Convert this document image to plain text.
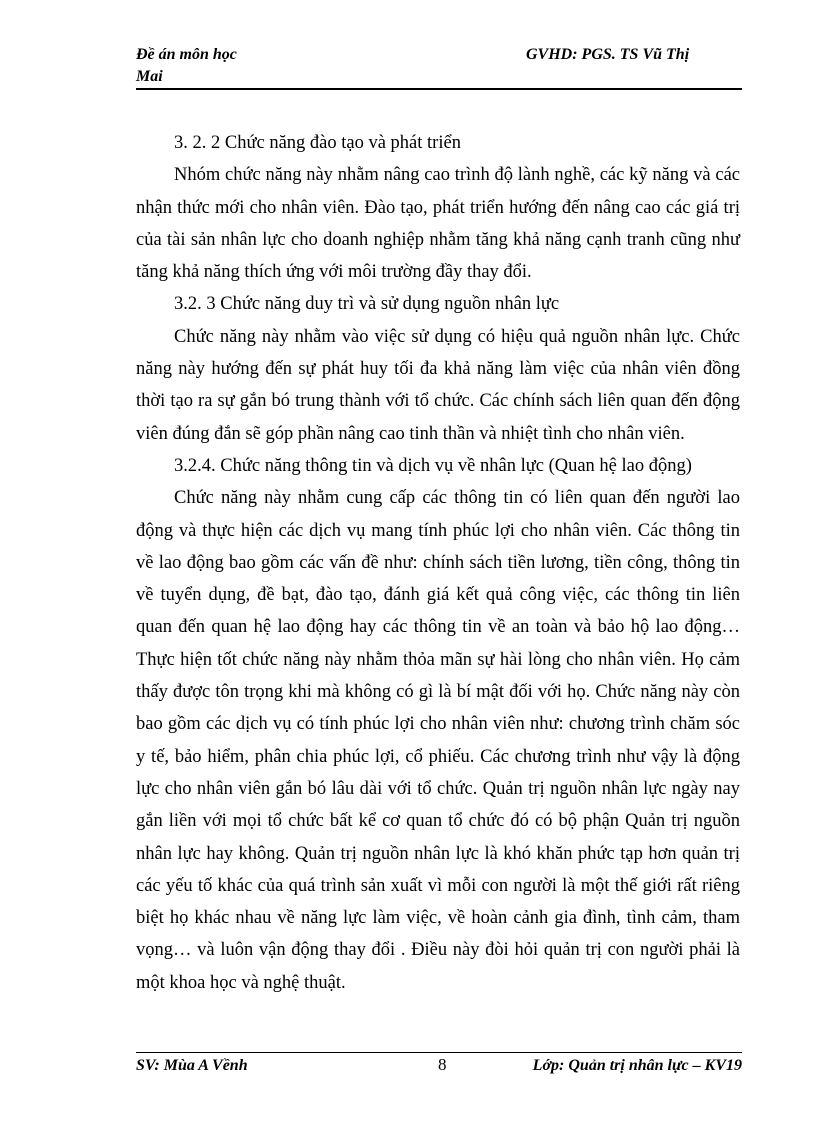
Đề án môn học
Mai
GVHD: PGS. TS Vũ Thị

3. 2. 2 Chức năng đào tạo và phát triển

Nhóm chức năng này nhằm nâng cao trình độ lành nghề, các kỹ năng và các nhận thức mới cho nhân viên. Đào tạo, phát triển hướng đến nâng cao các giá trị của tài sản nhân lực cho doanh nghiệp nhằm tăng khả năng cạnh tranh cũng như tăng khả năng thích ứng với môi trường đầy thay đổi.

3.2. 3 Chức năng duy trì và sử dụng nguồn nhân lực

Chức năng này nhằm vào việc sử dụng có hiệu quả nguồn nhân lực. Chức năng này hướng đến sự phát huy tối đa khả năng làm việc của nhân viên đồng thời tạo ra sự gắn bó trung thành với tổ chức. Các chính sách liên quan đến động viên đúng đắn sẽ góp phần nâng cao tinh thần và nhiệt tình cho nhân viên.

3.2.4. Chức năng thông tin và dịch vụ về nhân lực (Quan hệ lao động)

Chức năng này nhằm cung cấp các thông tin có liên quan đến người lao động và thực hiện các dịch vụ mang tính phúc lợi cho nhân viên. Các thông tin về lao động bao gồm các vấn đề như: chính sách tiền lương, tiền công, thông tin về tuyển dụng, đề bạt, đào tạo, đánh giá kết quả công việc, các thông tin liên quan đến quan hệ lao động hay các thông tin về an toàn và bảo hộ lao động… Thực hiện tốt chức năng này nhằm thỏa mãn sự hài lòng cho nhân viên. Họ cảm thấy được tôn trọng khi mà không có gì là bí mật đối với họ. Chức năng này còn bao gồm các dịch vụ có tính phúc lợi cho nhân viên như: chương trình chăm sóc y tế, bảo hiểm, phân chia phúc lợi, cổ phiếu. Các chương trình như vậy là động lực cho nhân viên gắn bó lâu dài với tổ chức. Quản trị nguồn nhân lực ngày nay gắn liền với mọi tổ chức bất kể cơ quan tổ chức đó có bộ phận Quản trị nguồn nhân lực hay không. Quản trị nguồn nhân lực là khó khăn phức tạp hơn quản trị các yếu tố khác của quá trình sản xuất vì mỗi con người là một thế giới rất riêng biệt họ khác nhau về năng lực làm việc, về hoàn cảnh gia đình, tình cảm, tham vọng… và luôn vận động thay đổi . Điều này đòi hỏi quản trị con người phải là một khoa học và nghệ thuật.

SV: Mùa A Vềnh	8	Lớp: Quản trị nhân lực – KV19
